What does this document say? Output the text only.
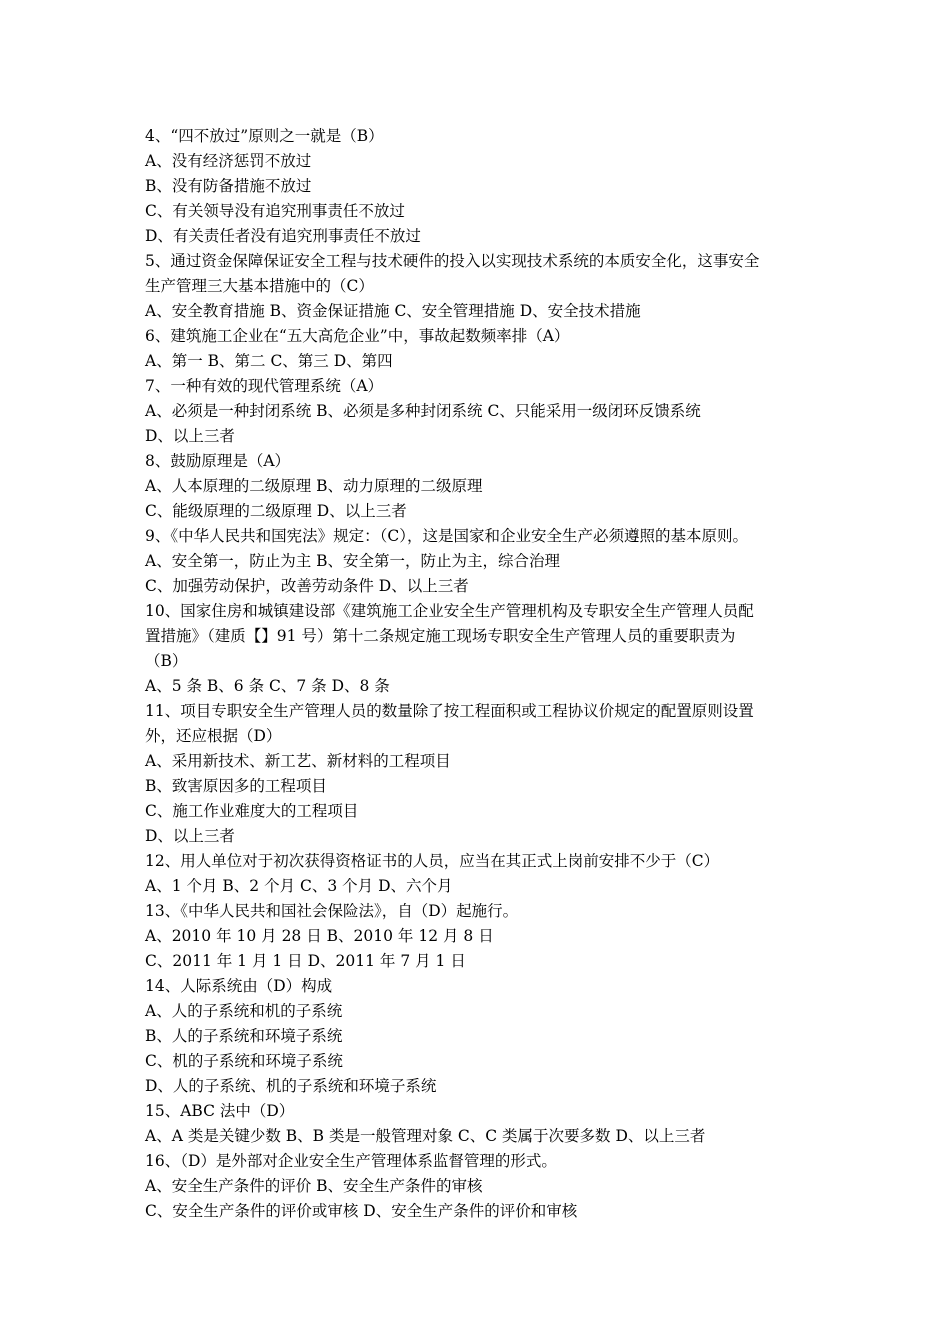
4、“四不放过”原则之一就是（B）
A、没有经济惩罚不放过
B、没有防备措施不放过
C、有关领导没有追究刑事责任不放过
D、有关责任者没有追究刑事责任不放过
5、通过资金保障保证安全工程与技术硬件的投入以实现技术系统的本质安全化，这事安全
生产管理三大基本措施中的（C）
A、安全教育措施 B、资金保证措施 C、安全管理措施 D、安全技术措施
6、建筑施工企业在“五大高危企业”中，事故起数频率排（A）
A、第一 B、第二 C、第三 D、第四
7、一种有效的现代管理系统（A）
A、必须是一种封闭系统 B、必须是多种封闭系统 C、只能采用一级闭环反馈系统
D、以上三者
8、鼓励原理是（A）
A、人本原理的二级原理 B、动力原理的二级原理
C、能级原理的二级原理 D、以上三者
9、《中华人民共和国宪法》规定：（C），这是国家和企业安全生产必须遵照的基本原则。
A、安全第一，防止为主 B、安全第一，防止为主，综合治理
C、加强劳动保护，改善劳动条件 D、以上三者
10、国家住房和城镇建设部《建筑施工企业安全生产管理机构及专职安全生产管理人员配
置措施》（建质【】91 号）第十二条规定施工现场专职安全生产管理人员的重要职责为
（B）
A、5 条 B、6 条 C、7 条 D、8 条
11、项目专职安全生产管理人员的数量除了按工程面积或工程协议价规定的配置原则设置
外，还应根据（D）
A、采用新技术、新工艺、新材料的工程项目
B、致害原因多的工程项目
C、施工作业难度大的工程项目
D、以上三者
12、用人单位对于初次获得资格证书的人员，应当在其正式上岗前安排不少于（C）
A、1 个月 B、2 个月 C、3 个月 D、六个月
13、《中华人民共和国社会保险法》，自（D）起施行。
A、2010 年 10 月 28 日 B、2010 年 12 月 8 日
C、2011 年 1 月 1 日 D、2011 年 7 月 1 日
14、人际系统由（D）构成
A、人的子系统和机的子系统
B、人的子系统和环境子系统
C、机的子系统和环境子系统
D、人的子系统、机的子系统和环境子系统
15、ABC 法中（D）
A、A 类是关键少数 B、B 类是一般管理对象 C、C 类属于次要多数 D、以上三者
16、（D）是外部对企业安全生产管理体系监督管理的形式。
A、安全生产条件的评价 B、安全生产条件的审核
C、安全生产条件的评价或审核 D、安全生产条件的评价和审核
